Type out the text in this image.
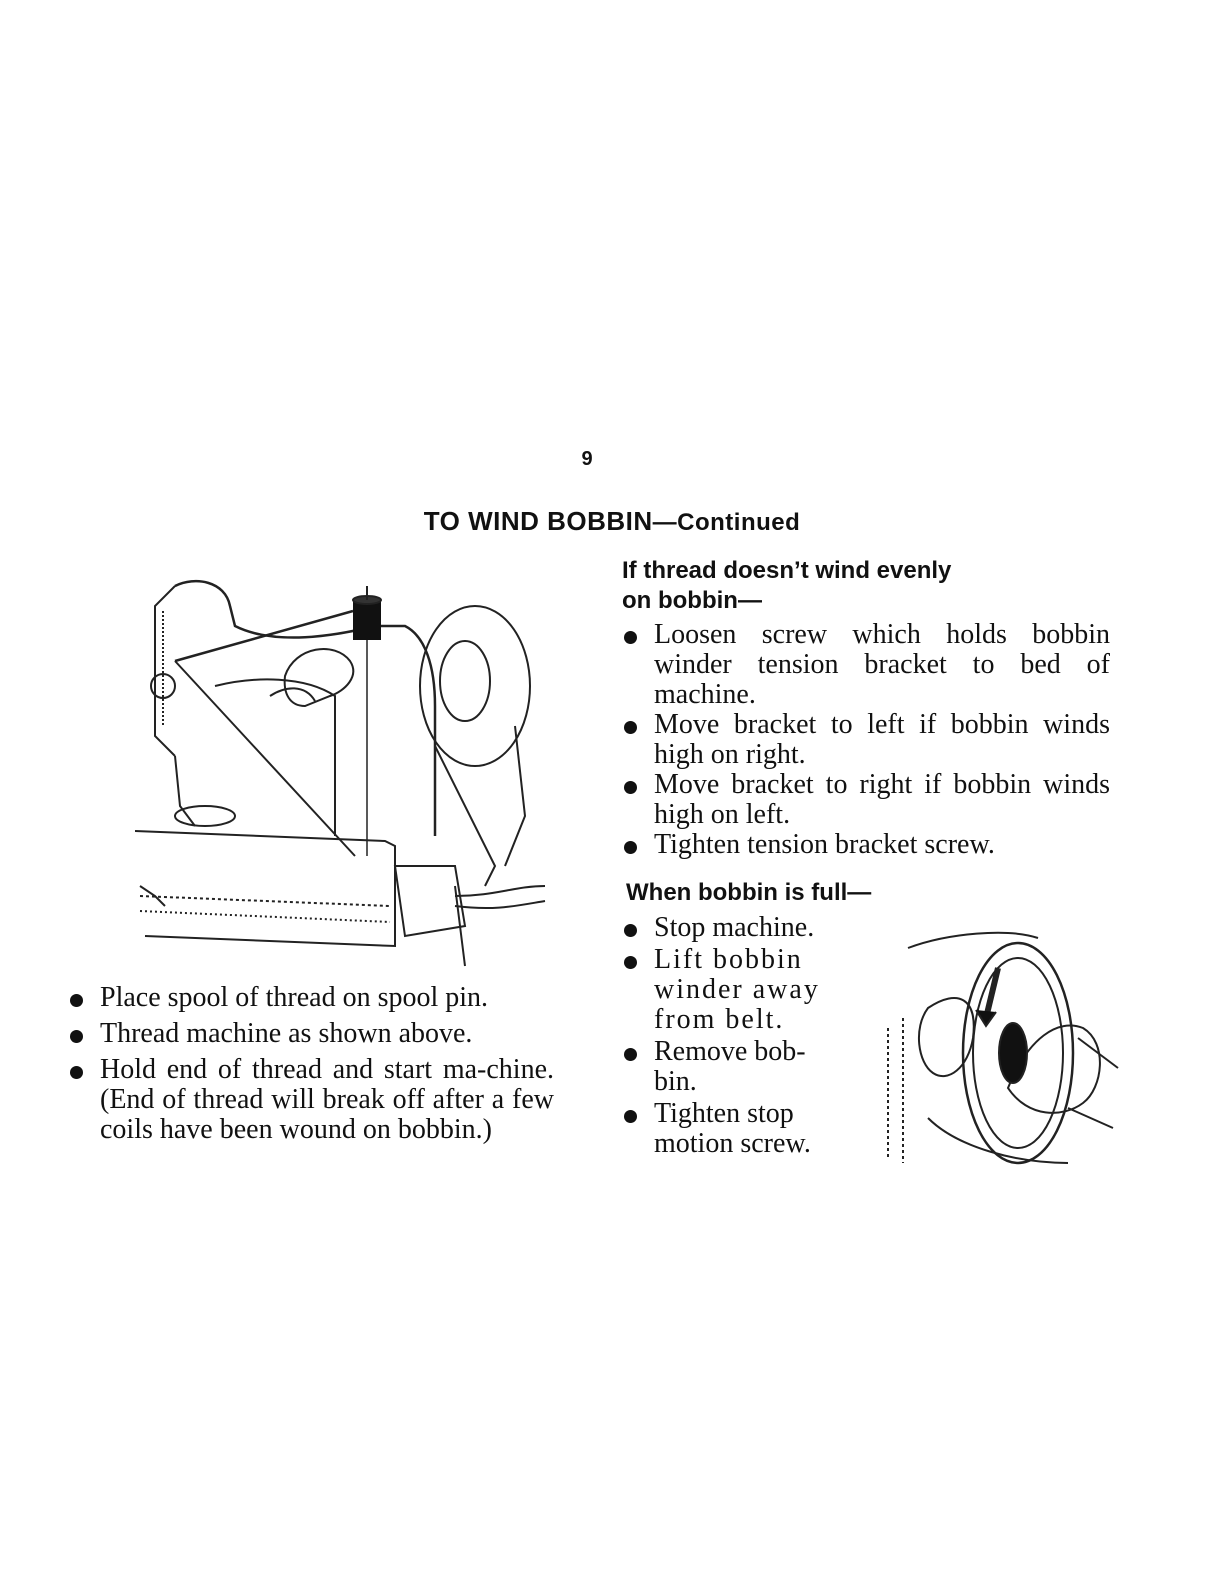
9
TO WIND BOBBIN—Continued
Place spool of thread on spool pin.
Thread machine as shown above.
Hold end of thread and start ma-chine. (End of thread will break off after a few coils have been wound on bobbin.)
If thread doesn’t wind evenly
on bobbin—
Loosen screw which holds bobbin winder tension bracket to bed of machine.
Move bracket to left if bobbin winds high on right.
Move bracket to right if bobbin winds high on left.
Tighten tension bracket screw.
When bobbin is full—
Stop machine.
Lift bobbin winder away from belt.
Remove bob-bin.
Tighten stop motion screw.
